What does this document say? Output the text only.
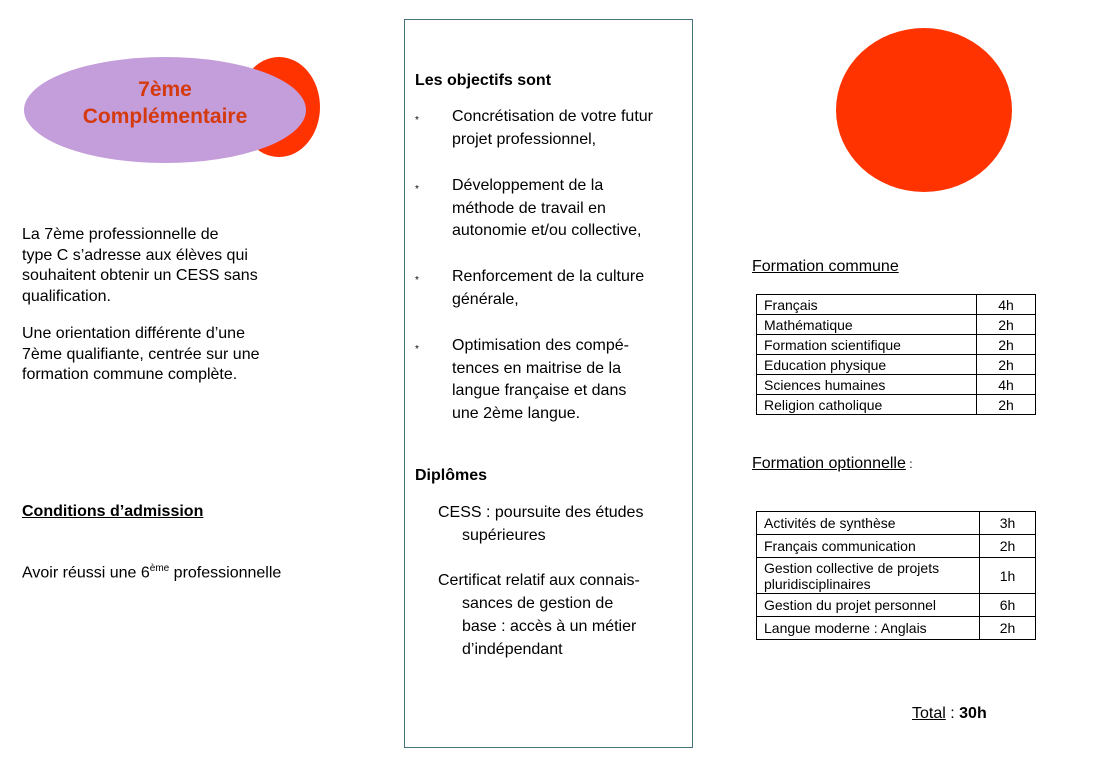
7ème
Complémentaire
La 7ème professionnelle de
type C s’adresse aux élèves qui
souhaitent obtenir un CESS sans
qualification.
Une orientation différente d’une
7ème qualifiante, centrée sur une
formation commune complète.
Conditions d’admission
Avoir réussi une 6ème professionnelle
Les objectifs sont
* Concrétisation de votre futur
projet professionnel,
* Développement de la
méthode de travail en
autonomie et/ou collective,
* Renforcement de la culture
générale,
* Optimisation des compé-
tences en maitrise de la
langue française et dans
une 2ème langue.
Diplômes
CESS : poursuite des études
supérieures
Certificat relatif aux connais-
sances de gestion de
base : accès à un métier
d’indépendant
Formation commune
Français	4h
Mathématique	2h
Formation scientifique	2h
Education physique	2h
Sciences humaines	4h
Religion catholique	2h
Formation optionnelle :
Activités de synthèse	3h
Français communication	2h
Gestion collective de projets pluridisciplinaires	1h
Gestion du projet personnel	6h
Langue moderne : Anglais	2h
Total : 30h
